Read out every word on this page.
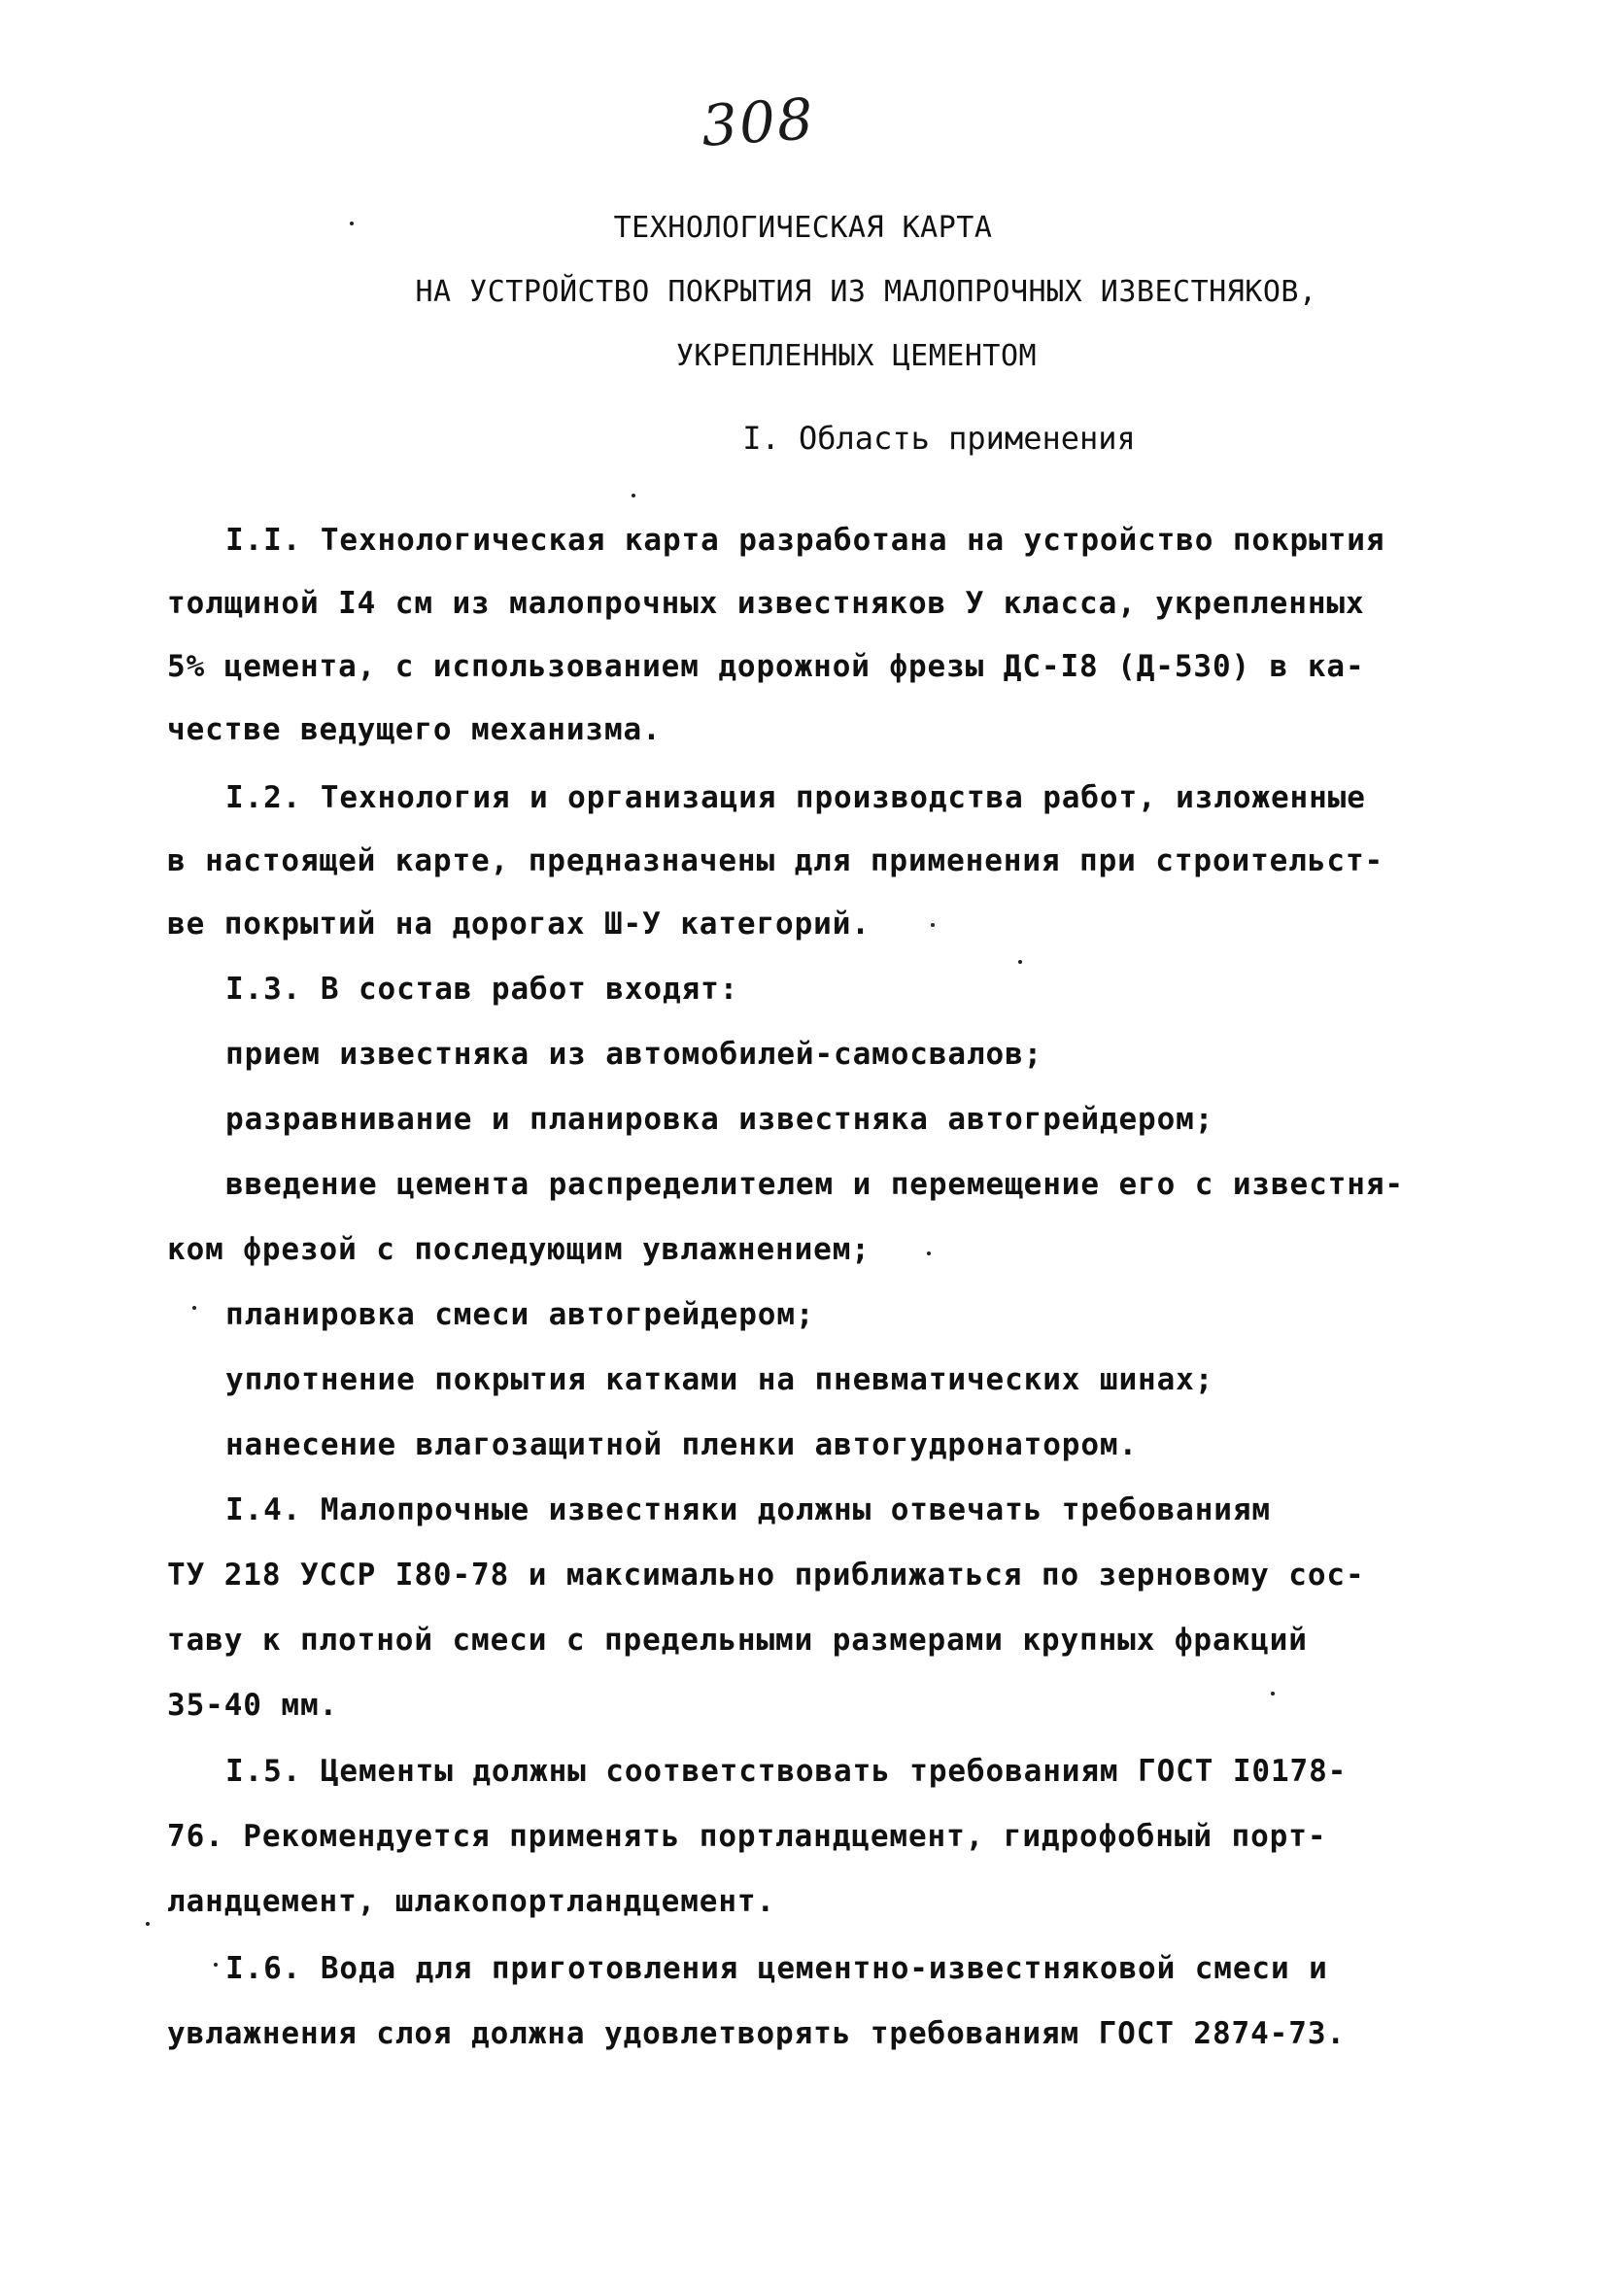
308
ТЕХНОЛОГИЧЕСКАЯ КАРТА
НА УСТРОЙСТВО ПОКРЫТИЯ ИЗ МАЛОПРОЧНЫХ ИЗВЕСТНЯКОВ,
УКРЕПЛЕННЫХ ЦЕМЕНТОМ
I. Область применения
I.I. Технологическая карта разработана на устройство покрытия
толщиной I4 см из малопрочных известняков У класса, укрепленных
5% цемента, с использованием дорожной фрезы ДС-I8 (Д-530) в ка-
честве ведущего механизма.
I.2. Технология и организация производства работ, изложенные
в настоящей карте, предназначены для применения при строительст-
ве покрытий на дорогах Ш-У категорий.
I.3. В состав работ входят:
прием известняка из автомобилей-самосвалов;
разравнивание и планировка известняка автогрейдером;
введение цемента распределителем и перемещение его с известня-
ком фрезой с последующим увлажнением;
планировка смеси автогрейдером;
уплотнение покрытия катками на пневматических шинах;
нанесение влагозащитной пленки автогудронатором.
I.4. Малопрочные известняки должны отвечать требованиям
ТУ 218 УССР I80-78 и максимально приближаться по зерновому сос-
таву к плотной смеси с предельными размерами крупных фракций
35-40 мм.
I.5. Цементы должны соответствовать требованиям ГОСТ I0178-
76. Рекомендуется применять портландцемент, гидрофобный порт-
ландцемент, шлакопортландцемент.
I.6. Вода для приготовления цементно-известняковой смеси и
увлажнения слоя должна удовлетворять требованиям ГОСТ 2874-73.
